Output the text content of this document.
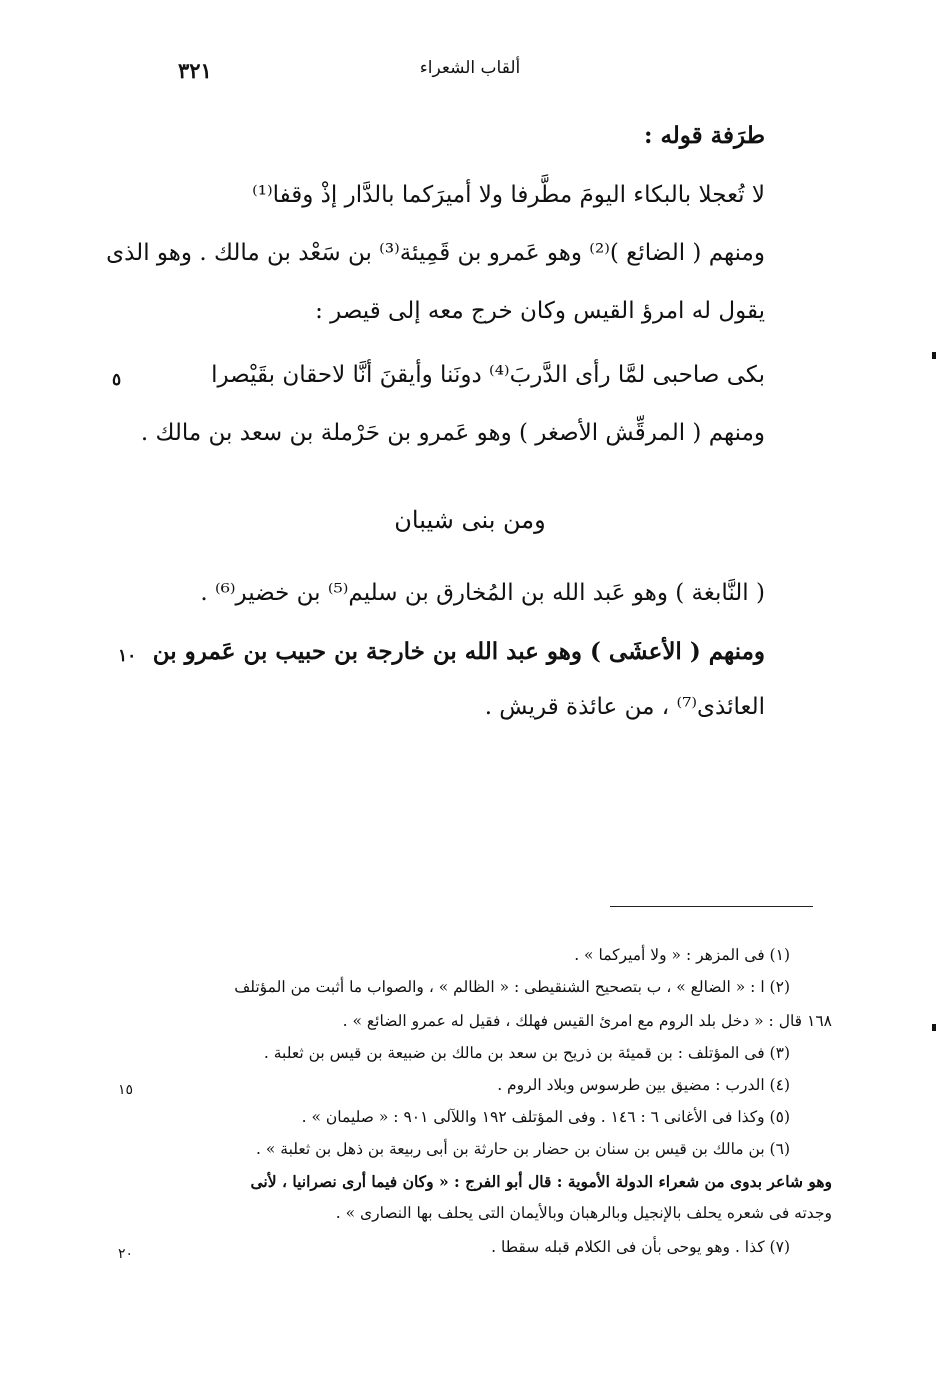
ألقاب الشعراء
٣٢١
طرَفة قوله :
لا تُعجلا بالبكاء اليومَ مطَّرفا ولا أميرَكما بالدَّار إذْ وقفا⁽¹⁾
ومنهم ( الضائع )⁽²⁾ وهو عَمرو بن قَمِيئة⁽³⁾ بن سَعْد بن مالك . وهو الذى
يقول له امرؤ القيس وكان خرج معه إلى قيصر :
بكى صاحبى لمَّا رأى الدَّربَ⁽⁴⁾ دونَنا وأيقنَ أنَّا لاحقان بقَيْصرا
٥
ومنهم ( المرقِّش الأصغر ) وهو عَمرو بن حَرْملة بن سعد بن مالك .
ومن بنى شيبان
( النَّابغة ) وهو عَبد الله بن المُخارق بن سليم⁽⁵⁾ بن خضير⁽⁶⁾ .
ومنهم ( الأعشَى ) وهو عبد الله بن خارجة بن حبيب بن عَمرو بن
١٠
العائذى⁽⁷⁾ ، من عائذة قريش .
(١) فى المزهر : « ولا أميركما » .
(٢) ا : « الضالع » ، ب بتصحيح الشنقيطى : « الظالم » ، والصواب ما أثبت من المؤتلف
١٦٨ قال : « دخل بلد الروم مع امرئ القيس فهلك ، فقيل له عمرو الضائع » .
(٣) فى المؤتلف : بن قميئة بن ذريح بن سعد بن مالك بن ضبيعة بن قيس بن ثعلبة .
(٤) الدرب : مضيق بين طرسوس وبلاد الروم .
١٥
(٥) وكذا فى الأغانى ٦ : ١٤٦ . وفى المؤتلف ١٩٢ واللآلى ٩٠١ : « صليمان » .
(٦) بن مالك بن قيس بن سنان بن حضار بن حارثة بن أبى ربيعة بن ذهل بن ثعلبة » .
وهو شاعر بدوى من شعراء الدولة الأموية : قال أبو الفرج : « وكان فيما أرى نصرانيا ، لأنى
وجدته فى شعره يحلف بالإنجيل وبالرهبان وبالأيمان التى يحلف بها النصارى » .
(٧) كذا . وهو يوحى بأن فى الكلام قبله سقطا .
٢٠
